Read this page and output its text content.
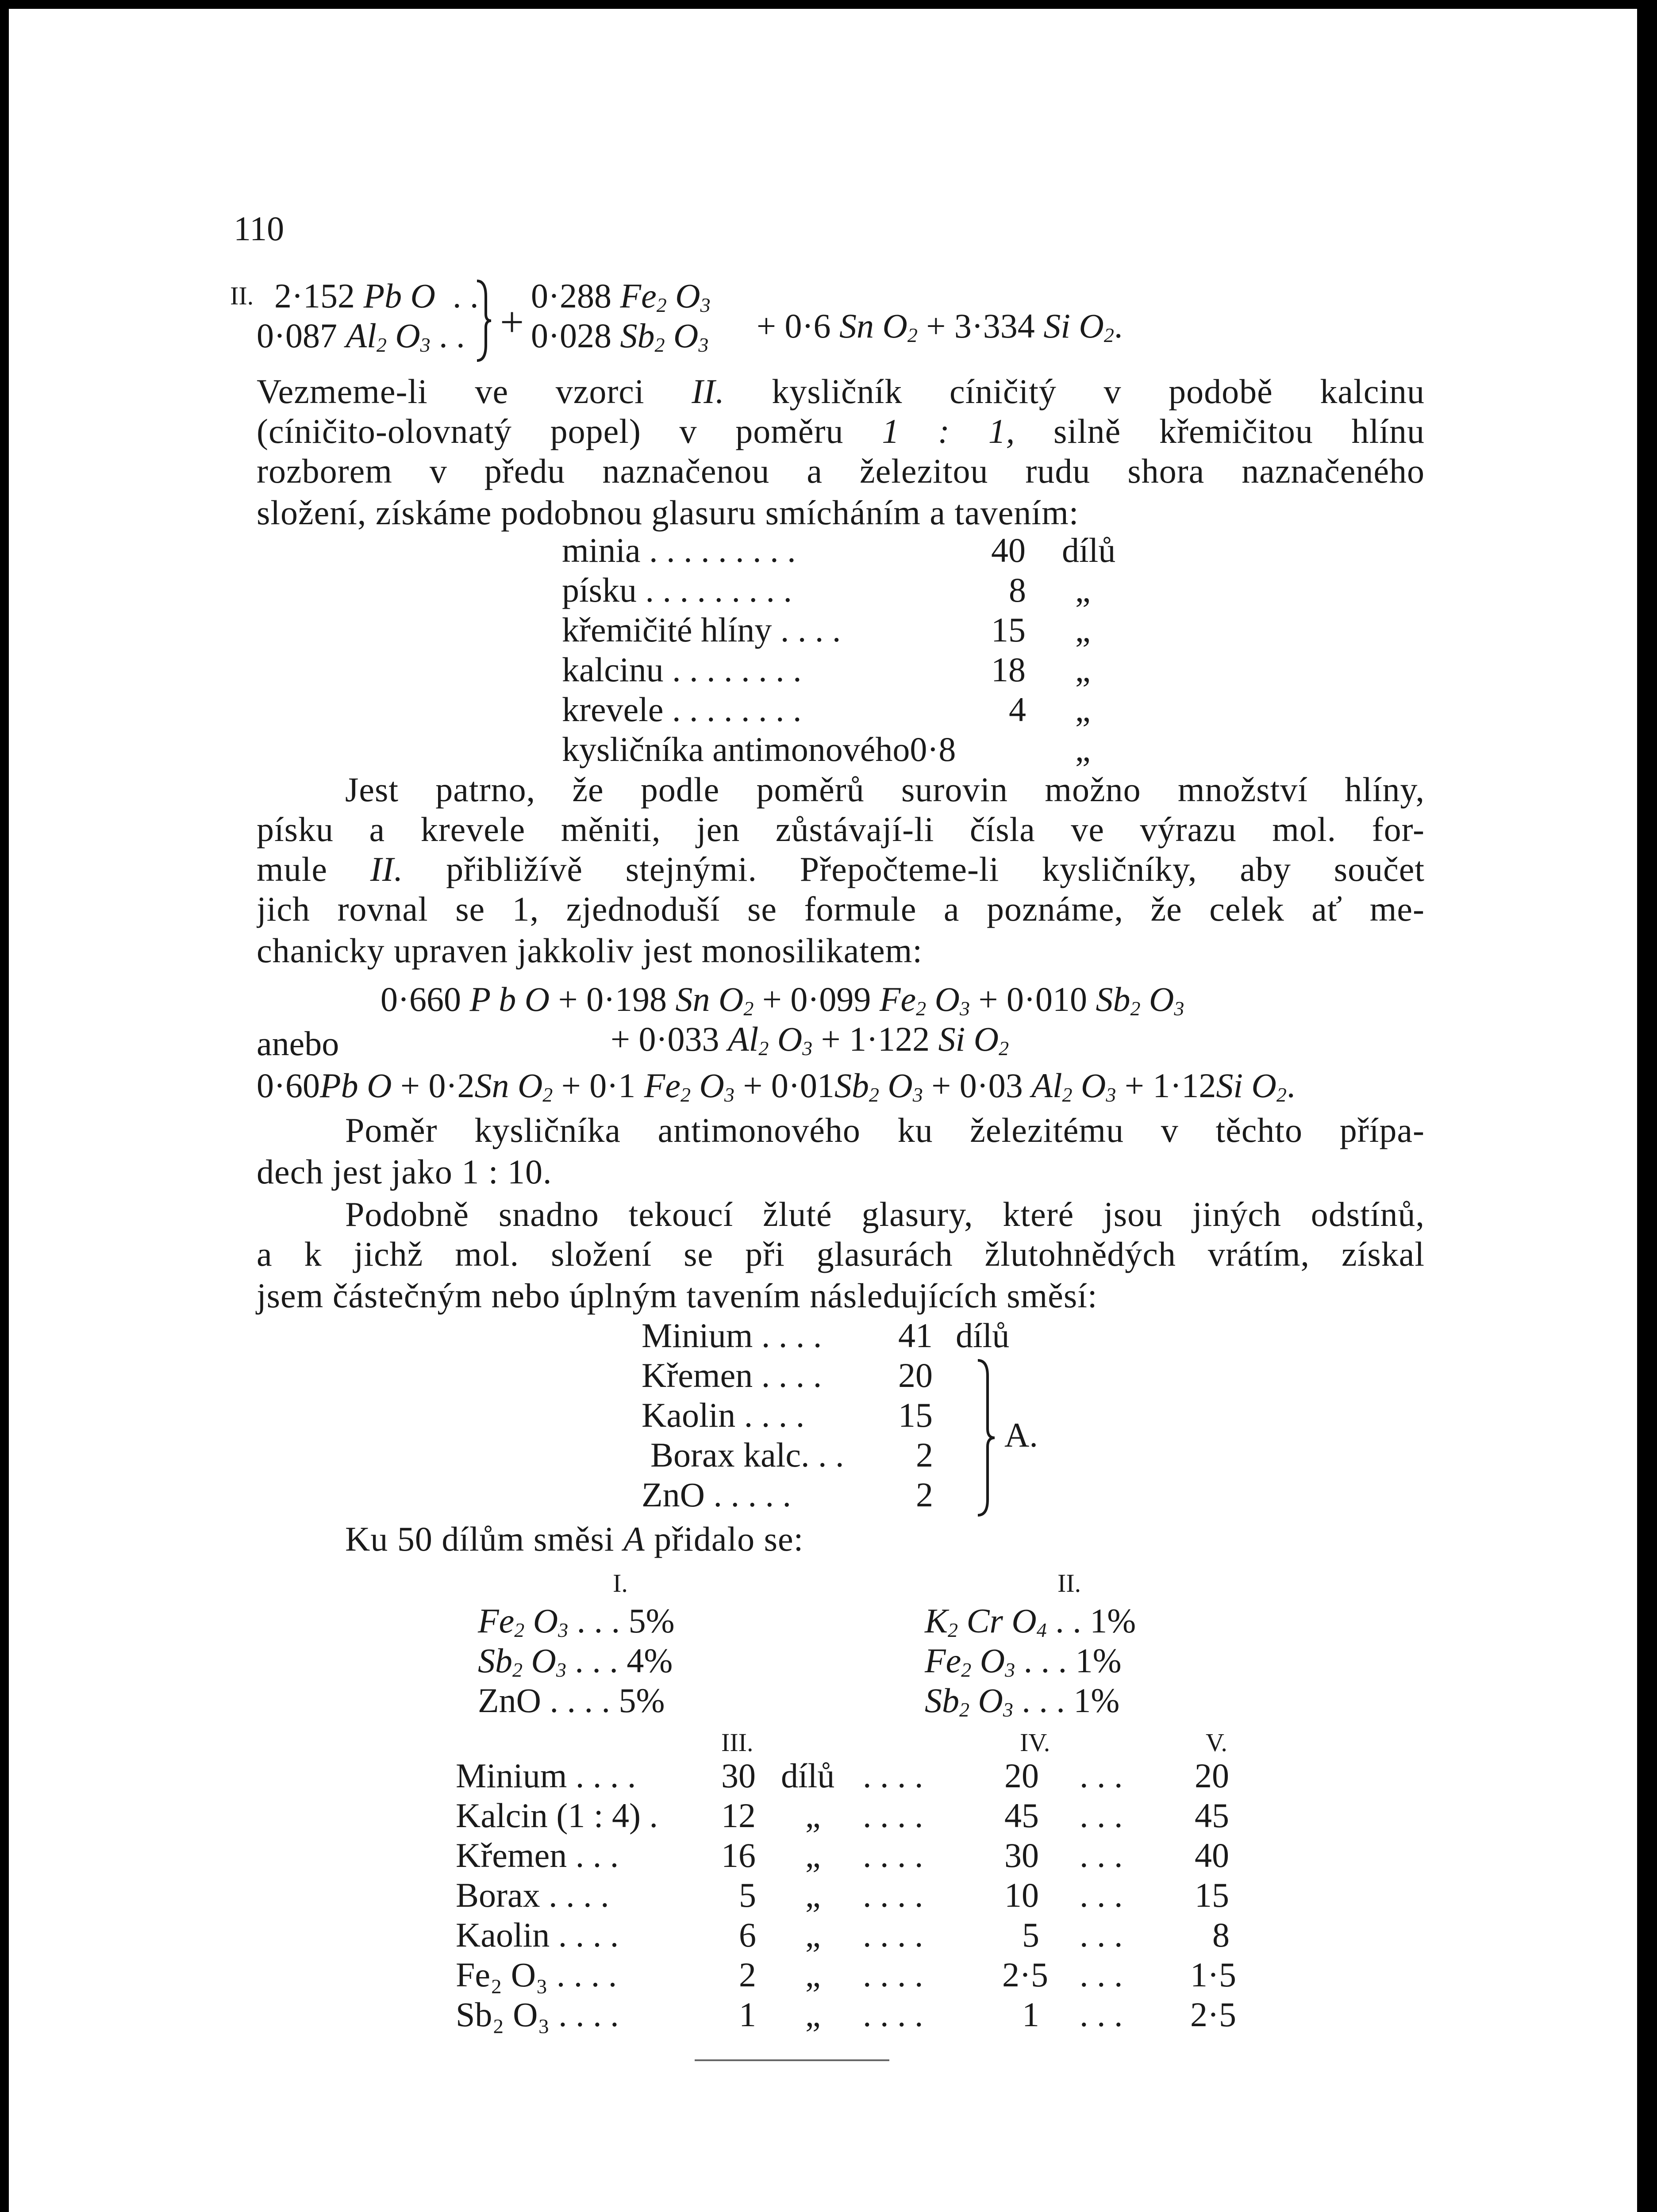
110
II. 2·152 Pb O  . .
0·087 $Al_2$ $O_3$ . . +
0·288 $Fe_2$ $O_3$
0·028 $Sb_2$ $O_3 + 0\cdot 6$ Sn $O_2 + 3\cdot 334$ Si $O_2$.
Vezmeme-li ve vzorci II. kysličník cíničitý v podobě kalcinu
(cíničito-olovnatý popel) v poměru 1 : 1, silně křemičitou hlínu
rozborem v předu naznačenou a železitou rudu shora naznačeného
složení, získáme podobnou glasuru smícháním a tavením:
minia . . . . . . . . .	40 dílů
písku . . . . . . . . .	8 „
křemičité hlíny . . . .	15 „
kalcinu . . . . . . . .	18 „
krevele . . . . . . . .	4 „
kysličníka antimonového0·8	„
Jest patrno, že podle poměrů surovin možno množství hlíny,
písku a krevele měniti, jen zůstávají-li čísla ve výrazu mol. for-
mule II. přibližívě stejnými. Přepočteme-li kysličníky, aby součet
jich rovnal se 1, zjednoduší se formule a poznáme, že celek ať me-
chanicky upraven jakkoliv jest monosilikatem:
0·660 P b O + 0·198 Sn $O_2 + 0\cdot 099$ $Fe_2$ $O_3 + 0\cdot 010$ $Sb_2$ $O_3$
anebo	+ 0·033 $Al_2$ $O_3 + 1\cdot 122$ Si $O_2$
0·60Pb O + 0·2Sn $O_2 + 0\cdot 1$ $Fe_2$ $O_3 + 0\cdot 01Sb_2$ $O_3 + 0\cdot 03$ $Al_2$ $O_3 + 1\cdot 12Si$ $O_2$.
Poměr kysličníka antimonového ku železitému v těchto přípa-
dech jest jako 1 : 10.
Podobně snadno tekoucí žluté glasury, které jsou jiných odstínů,
a k jichž mol. složení se při glasurách žlutohnědých vrátím, získal
jsem částečným nebo úplným tavením následujících směsí:
Minium . . . . 41 dílů
Křemen . . . . 20
Kaolin . . . .	15
Borax kalc. . . 2
ZnO . . . . .	2
A.
Ku 50 dílům směsi A přidalo se:
I.
$Fe_2$ $O_3$ . . . 5%
$Sb_2$ $O_3$ . . . 4%
ZnO . . . . 5%
II.
$K_2$ Cr $O_4$ . . 1%
$Fe_2$ $O_3$ . . . 1%
$Sb_2$ $O_3$ . . . 1%
III.	IV.	V.
Minium . . . . 30 dílů . . . . 20 . . . 20
Kalcin (1 : 4) . 12 „ . . . . 45 . . . 45
Křemen . . .	16 „ . . . . 30 . . . 40
Borax . . . .	5 „ . . . . 10 . . . 15
Kaolin . . . .	6 „ . . . .	5 . . .	8
Fe₂ O₃ . . . .	2 „ . . . . 2·5 . . . 1·5
Sb₂ O₃ . . . .	1 „ . . . .	1 . . . 2·5
